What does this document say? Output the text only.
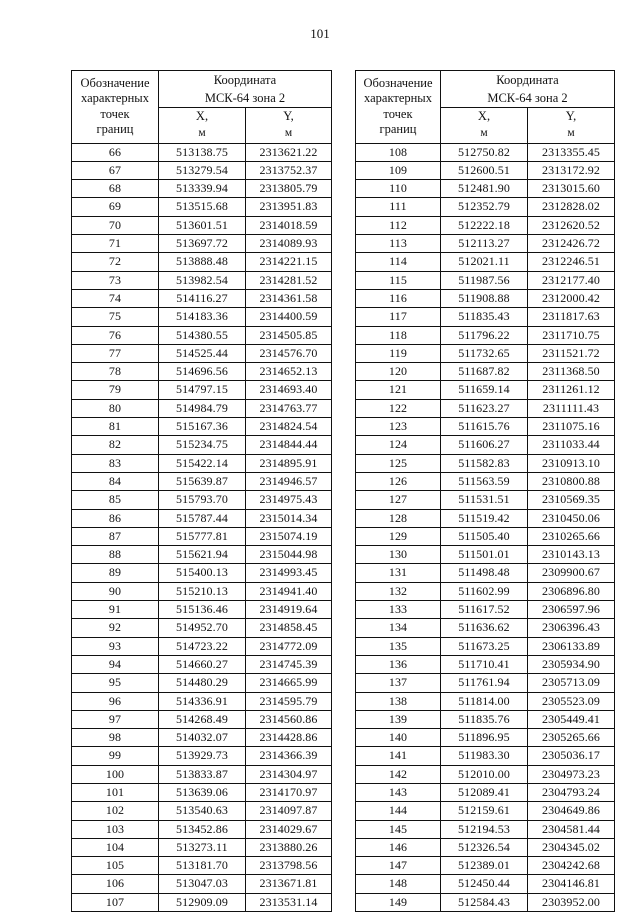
101
Обозначение
характерных
точек
границ	Координата
МСК-64 зона 2	

	X,	Y,
	м	м
66	513138.75	2313621.22
67	513279.54	2313752.37
68	513339.94	2313805.79
69	513515.68	2313951.83
70	513601.51	2314018.59
71	513697.72	2314089.93
72	513888.48	2314221.15
73	513982.54	2314281.52
74	514116.27	2314361.58
75	514183.36	2314400.59
76	514380.55	2314505.85
77	514525.44	2314576.70
78	514696.56	2314652.13
79	514797.15	2314693.40
80	514984.79	2314763.77
81	515167.36	2314824.54
82	515234.75	2314844.44
83	515422.14	2314895.91
84	515639.87	2314946.57
85	515793.70	2314975.43
86	515787.44	2315014.34
87	515777.81	2315074.19
88	515621.94	2315044.98
89	515400.13	2314993.45
90	515210.13	2314941.40
91	515136.46	2314919.64
92	514952.70	2314858.45
93	514723.22	2314772.09
94	514660.27	2314745.39
95	514480.29	2314665.99
96	514336.91	2314595.79
97	514268.49	2314560.86
98	514032.07	2314428.86
99	513929.73	2314366.39
100	513833.87	2314304.97
101	513639.06	2314170.97
102	513540.63	2314097.87
103	513452.86	2314029.67
104	513273.11	2313880.26
105	513181.70	2313798.56
106	513047.03	2313671.81
107	512909.09	2313531.14
Обозначение
характерных
точек
границ	Координата
МСК-64 зона 2	

	X,	Y,
	м	м
108	512750.82	2313355.45
109	512600.51	2313172.92
110	512481.90	2313015.60
111	512352.79	2312828.02
112	512222.18	2312620.52
113	512113.27	2312426.72
114	512021.11	2312246.51
115	511987.56	2312177.40
116	511908.88	2312000.42
117	511835.43	2311817.63
118	511796.22	2311710.75
119	511732.65	2311521.72
120	511687.82	2311368.50
121	511659.14	2311261.12
122	511623.27	2311111.43
123	511615.76	2311075.16
124	511606.27	2311033.44
125	511582.83	2310913.10
126	511563.59	2310800.88
127	511531.51	2310569.35
128	511519.42	2310450.06
129	511505.40	2310265.66
130	511501.01	2310143.13
131	511498.48	2309900.67
132	511602.99	2306896.80
133	511617.52	2306597.96
134	511636.62	2306396.43
135	511673.25	2306133.89
136	511710.41	2305934.90
137	511761.94	2305713.09
138	511814.00	2305523.09
139	511835.76	2305449.41
140	511896.95	2305265.66
141	511983.30	2305036.17
142	512010.00	2304973.23
143	512089.41	2304793.24
144	512159.61	2304649.86
145	512194.53	2304581.44
146	512326.54	2304345.02
147	512389.01	2304242.68
148	512450.44	2304146.81
149	512584.43	2303952.00
